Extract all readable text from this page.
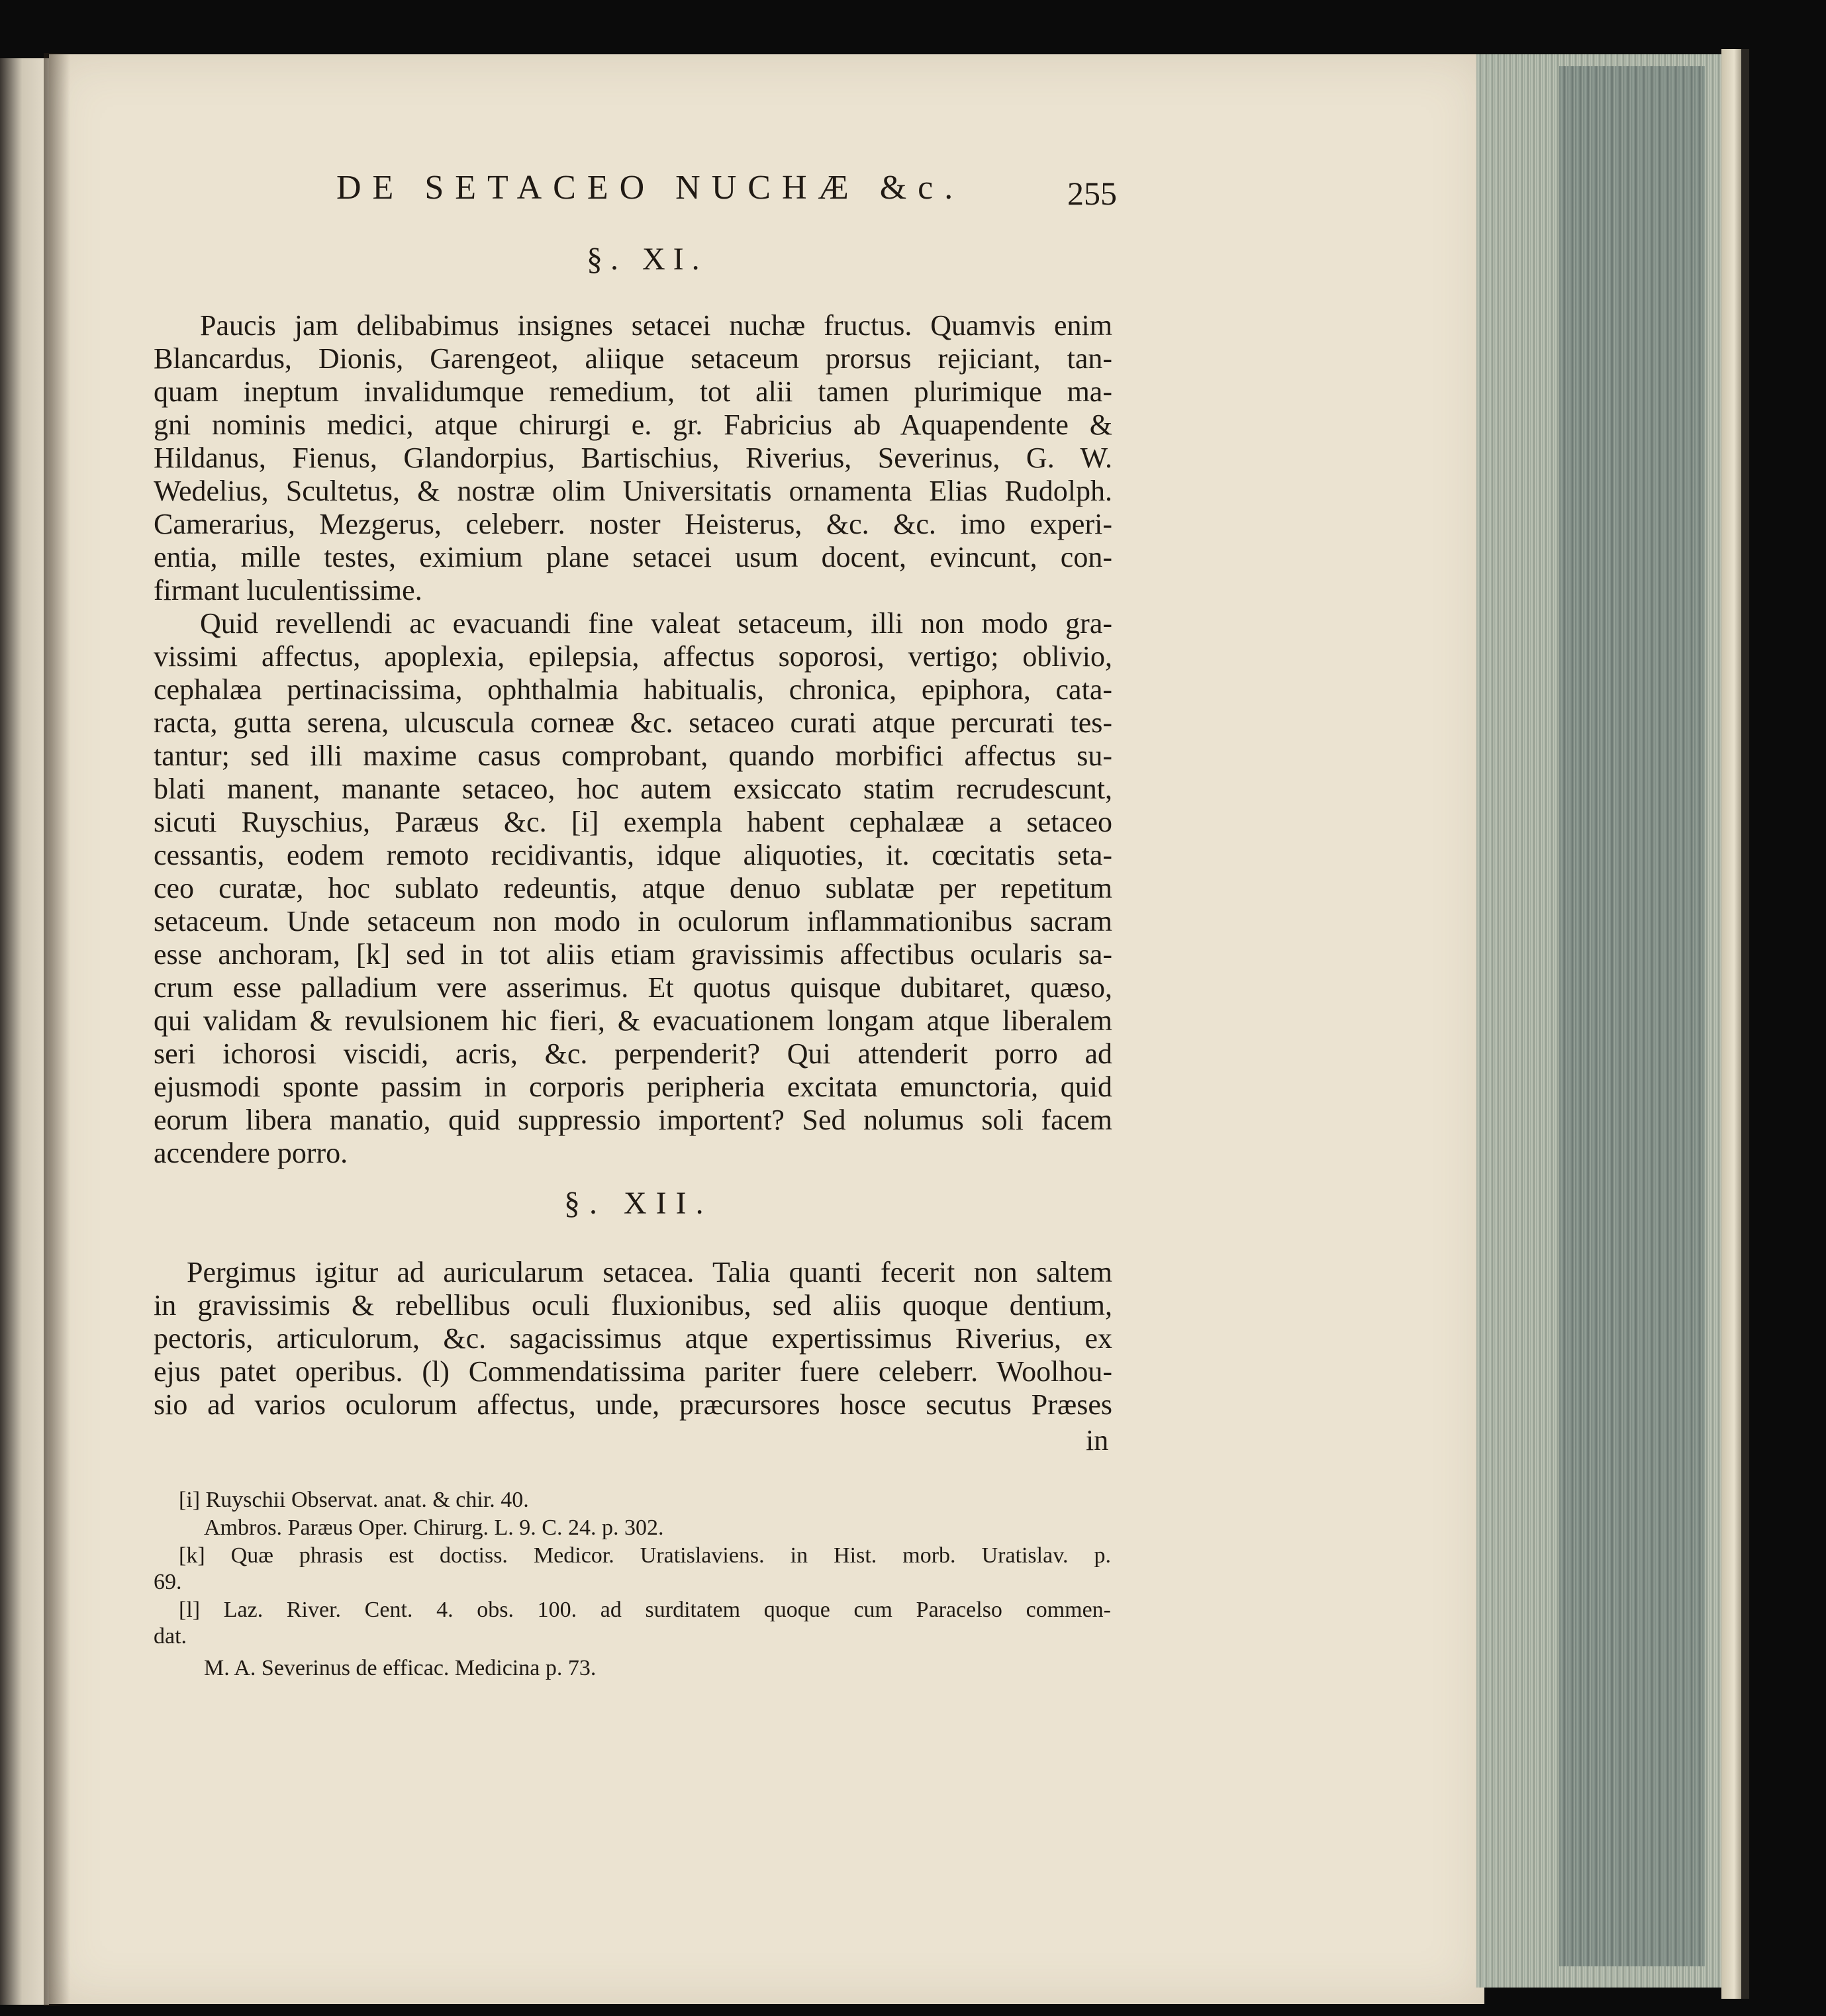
DE SETACEO NUCHÆ &c.	255
§. XI.
Paucis jam delibabimus insignes setacei nuchæ fructus. Quamvis enim
Blancardus, Dionis, Garengeot, aliique setaceum prorsus rejiciant, tan-
quam ineptum invalidumque remedium, tot alii tamen plurimique ma-
gni nominis medici, atque chirurgi e. gr. Fabricius ab Aquapendente &
Hildanus, Fienus, Glandorpius, Bartischius, Riverius, Severinus, G. W.
Wedelius, Scultetus, & nostræ olim Universitatis ornamenta Elias Rudolph.
Camerarius, Mezgerus, celeberr. noster Heisterus, &c. &c. imo experi-
entia, mille testes, eximium plane setacei usum docent, evincunt, con-
firmant luculentissime.
Quid revellendi ac evacuandi fine valeat setaceum, illi non modo gra-
vissimi affectus, apoplexia, epilepsia, affectus soporosi, vertigo; oblivio,
cephalæa pertinacissima, ophthalmia habitualis, chronica, epiphora, cata-
racta, gutta serena, ulcuscula corneæ &c. setaceo curati atque percurati tes-
tantur; sed illi maxime casus comprobant, quando morbifici affectus su-
blati manent, manante setaceo, hoc autem exsiccato statim recrudescunt,
sicuti Ruyschius, Paræus &c. [i] exempla habent cephalææ a setaceo
cessantis, eodem remoto recidivantis, idque aliquoties, it. cœcitatis seta-
ceo curatæ, hoc sublato redeuntis, atque denuo sublatæ per repetitum
setaceum. Unde setaceum non modo in oculorum inflammationibus sacram
esse anchoram, [k] sed in tot aliis etiam gravissimis affectibus ocularis sa-
crum esse palladium vere asserimus. Et quotus quisque dubitaret, quæso,
qui validam & revulsionem hic fieri, & evacuationem longam atque liberalem
seri ichorosi viscidi, acris, &c. perpenderit? Qui attenderit porro ad
ejusmodi sponte passim in corporis peripheria excitata emunctoria, quid
eorum libera manatio, quid suppressio importent? Sed nolumus soli facem
accendere porro.
§. XII.
Pergimus igitur ad auricularum setacea. Talia quanti fecerit non saltem
in gravissimis & rebellibus oculi fluxionibus, sed aliis quoque dentium,
pectoris, articulorum, &c. sagacissimus atque expertissimus Riverius, ex
ejus patet operibus. (l) Commendatissima pariter fuere celeberr. Woolhou-
sio ad varios oculorum affectus, unde, præcursores hosce secutus Præses
in
[i] Ruyschii Observat. anat. & chir. 40.
Ambros. Paræus Oper. Chirurg. L. 9. C. 24. p. 302.
[k] Quæ phrasis est doctiss. Medicor. Uratislaviens. in Hist. morb. Uratislav. p.
69.
[l] Laz. River. Cent. 4. obs. 100. ad surditatem quoque cum Paracelso commen-
dat.
M. A. Severinus de efficac. Medicina p. 73.
